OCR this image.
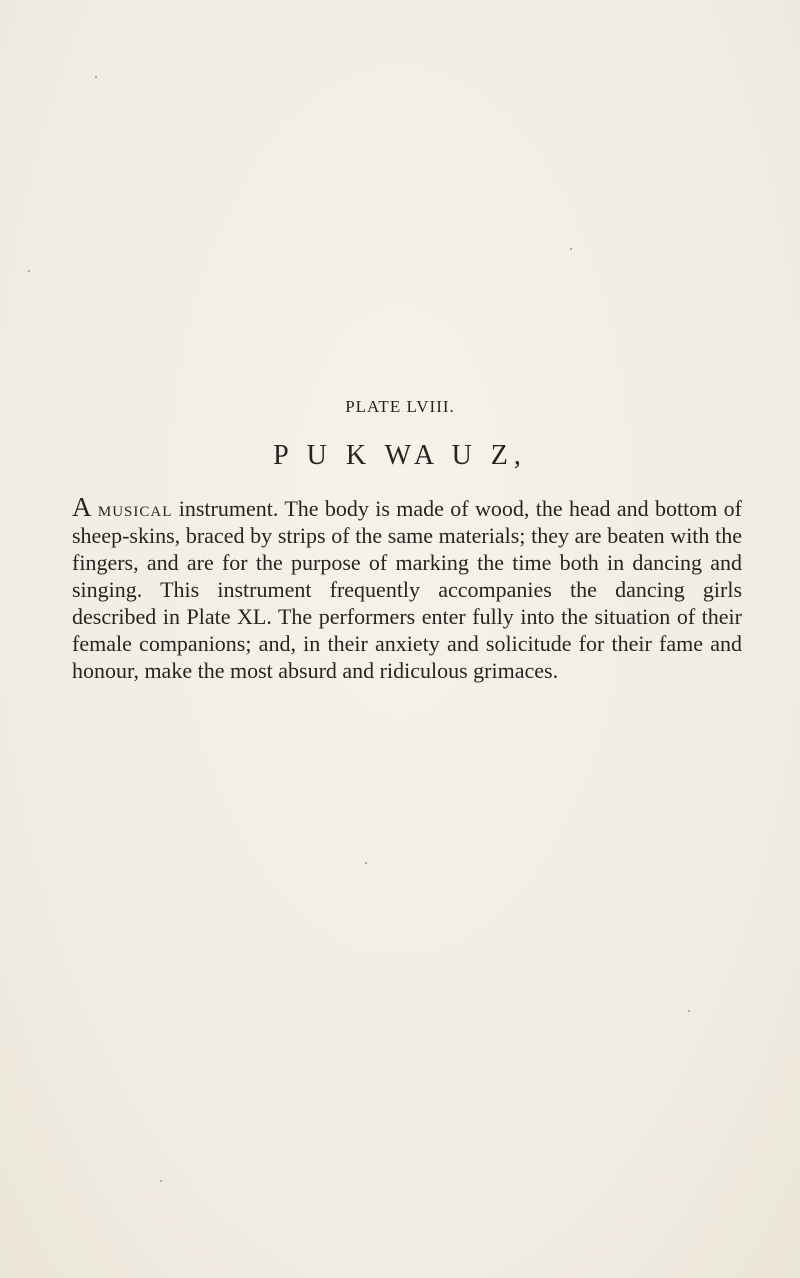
PLATE LVIII.
P U K WA U Z,

A musical instrument. The body is made of wood, the head and bottom of sheep-skins, braced by strips of the same materials; they are beaten with the fingers, and are for the purpose of marking the time both in dancing and singing. This instrument frequently accompanies the dancing girls described in Plate XL. The performers enter fully into the situation of their female companions; and, in their anxiety and solicitude for their fame and honour, make the most absurd and ridiculous grimaces.
